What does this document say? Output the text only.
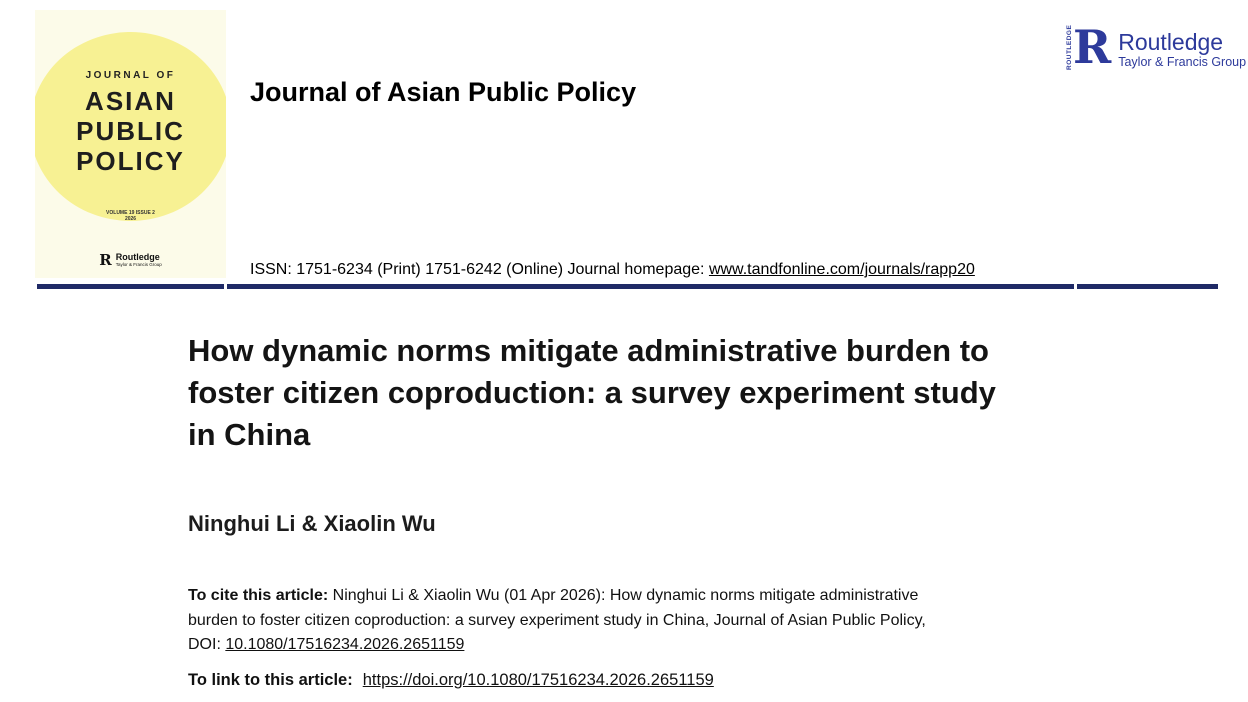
JOURNAL OF
ASIAN
PUBLIC
POLICY
VOLUME 19 ISSUE 2
2026
R Routledge
Taylor & Francis Group
Journal of Asian Public Policy
ROUTLEDGE R Routledge
Taylor & Francis Group
ISSN: 1751-6234 (Print) 1751-6242 (Online) Journal homepage: www.tandfonline.com/journals/rapp20
How dynamic norms mitigate administrative burden to foster citizen coproduction: a survey experiment study in China
Ninghui Li & Xiaolin Wu

To cite this article: Ninghui Li & Xiaolin Wu (01 Apr 2026): How dynamic norms mitigate administrative burden to foster citizen coproduction: a survey experiment study in China, Journal of Asian Public Policy, DOI: 10.1080/17516234.2026.2651159

To link to this article: https://doi.org/10.1080/17516234.2026.2651159
